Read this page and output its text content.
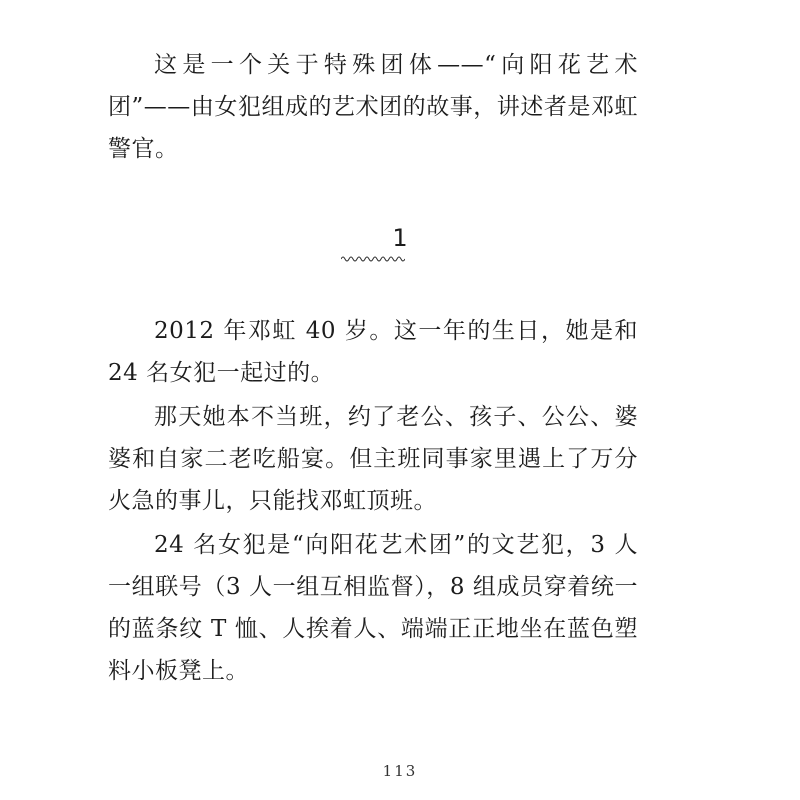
这是一个关于特殊团体——“向阳花艺术团”——由女犯组成的艺术团的故事，讲述者是邓虹警官。

1

2012 年邓虹 40 岁。这一年的生日，她是和 24 名女犯一起过的。

那天她本不当班，约了老公、孩子、公公、婆婆和自家二老吃船宴。但主班同事家里遇上了万分火急的事儿，只能找邓虹顶班。

24 名女犯是“向阳花艺术团”的文艺犯，3 人一组联号（3 人一组互相监督），8 组成员穿着统一的蓝条纹 T 恤、人挨着人、端端正正地坐在蓝色塑料小板凳上。

113
